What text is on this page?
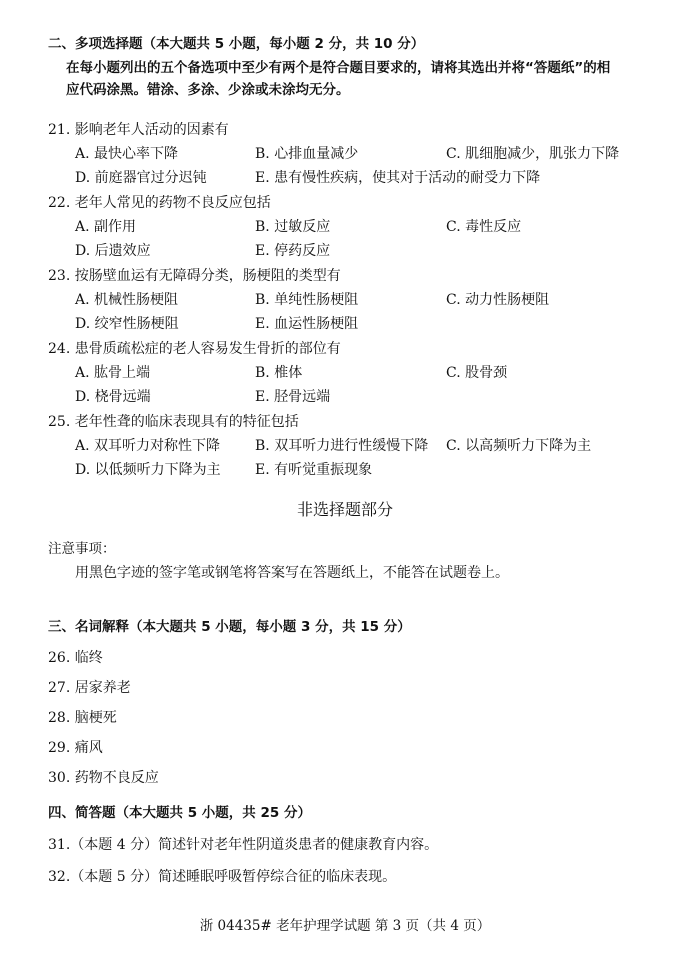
二、多项选择题（本大题共 5 小题，每小题 2 分，共 10 分）
在每小题列出的五个备选项中至少有两个是符合题目要求的，请将其选出并将“答题纸”的相
应代码涂黑。错涂、多涂、少涂或未涂均无分。
21. 影响老年人活动的因素有
A. 最快心率下降	B. 心排血量减少	C. 肌细胞减少，肌张力下降
D. 前庭器官过分迟钝	E. 患有慢性疾病，使其对于活动的耐受力下降
22. 老年人常见的药物不良反应包括
A. 副作用	B. 过敏反应	C. 毒性反应
D. 后遗效应	E. 停药反应
23. 按肠壁血运有无障碍分类，肠梗阻的类型有
A. 机械性肠梗阻	B. 单纯性肠梗阻	C. 动力性肠梗阻
D. 绞窄性肠梗阻	E. 血运性肠梗阻
24. 患骨质疏松症的老人容易发生骨折的部位有
A. 肱骨上端	B. 椎体	C. 股骨颈
D. 桡骨远端	E. 胫骨远端
25. 老年性聋的临床表现具有的特征包括
A. 双耳听力对称性下降 B. 双耳听力进行性缓慢下降 C. 以高频听力下降为主
D. 以低频听力下降为主 E. 有听觉重振现象
非选择题部分
注意事项：
用黑色字迹的签字笔或钢笔将答案写在答题纸上，不能答在试题卷上。
三、名词解释（本大题共 5 小题，每小题 3 分，共 15 分）
26. 临终
27. 居家养老
28. 脑梗死
29. 痛风
30. 药物不良反应
四、简答题（本大题共 5 小题，共 25 分）
31.（本题 4 分）简述针对老年性阴道炎患者的健康教育内容。
32.（本题 5 分）简述睡眠呼吸暂停综合征的临床表现。
浙 04435# 老年护理学试题 第 3 页（共 4 页）
